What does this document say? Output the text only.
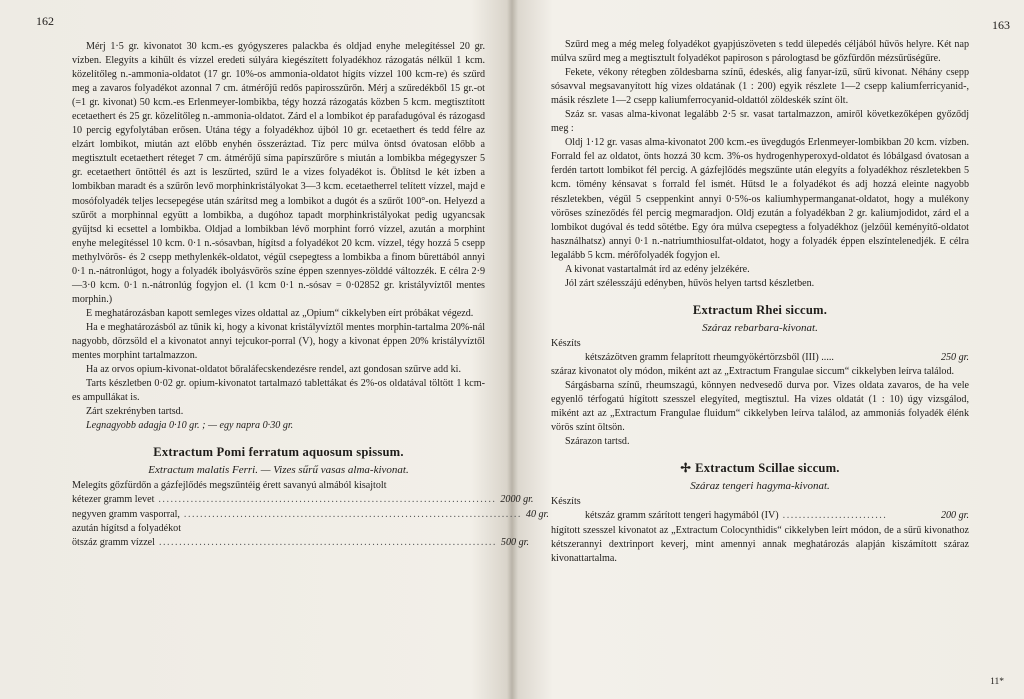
162

Mérj 1·5 gr. kivonatot 30 kcm.-es gyógyszeres palackba és oldjad enyhe melegítéssel 20 gr. vízben. Elegyíts a kihűlt és vízzel eredeti súlyára kiegészített folyadékhoz rázogatás nélkül 1 kcm. közelítőleg n.-ammonia-oldatot (17 gr. 10%-os ammonia-oldatot hígíts vízzel 100 kcm-re) és szűrd meg a zavaros folyadékot azonnal 7 cm. átmérőjű redős papirosszűrőn. Mérj a szűredékből 15 gr.-ot (=1 gr. kivonat) 50 kcm.-es Erlenmeyer-lombikba, tégy hozzá rázogatás közben 5 kcm. megtisztított ecetaethert és 25 gr. közelítőleg n.-ammonia-oldatot. Zárd el a lombikot ép parafadugóval és rázogasd 10 percig egyfolytában erősen. Utána tégy a folyadékhoz újból 10 gr. ecetaethert és tedd félre az elzárt lombikot, miután azt előbb enyhén összeráztad. Tíz perc múlva öntsd óvatosan előbb a megtisztult ecetaethert réteget 7 cm. átmérőjű síma papírszűrőre s miután a lombikba mégegyszer 5 gr. ecetaethert öntöttél és azt is leszűrted, szűrd le a vizes folyadékot is. Öblítsd le két ízben a lombikban maradt és a szűrőn levő morphinkristályokat 3—3 kcm. ecetaetherrel telített vízzel, majd e mosófolyadék teljes lecsepegése után szárítsd meg a lombikot a dugót és a szűrőt 100°-on. Helyezd a szűrőt a morphinnal együtt a lombikba, a dugóhoz tapadt morphinkristályokat pedig ugyancsak gyűjtsd ki ecsettel a lombikba. Oldjad a lombikban lévő morphint forró vízzel, azután a morphint enyhe melegítéssel 10 kcm. 0·1 n.-sósavban, hígítsd a folyadékot 20 kcm. vízzel, tégy hozzá 5 csepp methylvörös- és 2 csepp methylenkék-oldatot, végül csepegtess a lombikba a finom bürettából annyi 0·1 n.-nátronlúgot, hogy a folyadék ibolyásvörös színe éppen szennyes-zölddé változzék. E célra 2·9—3·0 kcm. 0·1 n.-nátronlúg fogyjon el. (1 kcm 0·1 n.-sósav = 0·02852 gr. kristályvíztől mentes morphin.)

E meghatározásban kapott semleges vizes oldattal az „Opium“ cikkelyben eírt próbákat végezd.

Ha e meghatározásból az tűnik ki, hogy a kivonat kristályvíztől mentes morphin-tartalma 20%-nál nagyobb, dörzsöld el a kivonatot annyi tejcukor-porral (V), hogy a kivonat éppen 20% kristályvíztől mentes morphint tartalmazzon.

Ha az orvos opium-kivonat-oldatot bőraláfecskendezésre rendel, azt gondosan szűrve add ki.

Tarts készletben 0·02 gr. opium-kivonatot tartalmazó tablettákat és 2%-os oldatával töltött 1 kcm-es ampullákat is.

Zárt szekrényben tartsd.

Legnagyobb adagja 0·10 gr. ; — egy napra 0·30 gr.

Extractum Pomi ferratum aquosum spissum.

Extractum malatis Ferri. — Vizes sűrű vasas alma-kivonat.

Melegíts gőzfürdőn a gázfejlődés megszűntéig érett savanyú almából kisajtolt

kétezer gramm levet .................................................................................... 2000 gr.
negyven gramm vasporral, .................................................................................... 40 gr.

azután hígítsd a folyadékot

ötszáz gramm vízzel .................................................................................... 500 gr.
163

Szűrd meg a még meleg folyadékot gyapjúszöveten s tedd ülepedés céljából hűvös helyre. Két nap múlva szűrd meg a megtisztult folyadékot papiroson s párologtasd be gőzfürdőn mézsűrűségűre.

Fekete, vékony rétegben zöldesbarna színű, édeskés, alig fanyar-ízű, sűrű kivonat. Néhány csepp sósavval megsavanyított híg vizes oldatának (1 : 200) egyik részlete 1—2 csepp kaliumferricyanid-, másik részlete 1—2 csepp kaliumferrocyanid-oldattól zöldeskék színt ölt.

Száz sr. vasas alma-kivonat legalább 2·5 sr. vasat tartalmazzon, amiről következőképen győződj meg :

Oldj 1·12 gr. vasas alma-kivonatot 200 kcm.-es üvegdugós Erlenmeyer-lombikban 20 kcm. vízben. Forrald fel az oldatot, önts hozzá 30 kcm. 3%-os hydrogenhyperoxyd-oldatot és lóbálgasd óvatosan a ferdén tartott lombikot fél percig. A gázfejlődés megszűnte után elegyíts a folyadékhoz részletekben 5 kcm. tömény kénsavat s forrald fel ismét. Hűtsd le a folyadékot és adj hozzá eleinte nagyobb részletekben, végül 5 cseppenkint annyi 0·5%-os kaliumhypermanganat-oldatot, hogy a mulékony vöröses színeződés fél percig megmaradjon. Oldj ezután a folyadékban 2 gr. kaliumjodidot, zárd el a lombikot dugóval és tedd sötétbe. Egy óra múlva csepegtess a folyadékhoz (jelzőül keményítő-oldatot használhatsz) annyi 0·1 n.-natriumthiosulfat-oldatot, hogy a folyadék éppen elszíntelenedjék. E célra legalább 5 kcm. mérőfolyadék fogyjon el.

A kivonat vastartalmát írd az edény jelzékére.

Jól zárt szélesszájú edényben, hűvös helyen tartsd készletben.

Extractum Rhei siccum.

Száraz rebarbara-kivonat.

Készíts

kétszázötven gramm felaprított rheumgyökértörzsből (III) .....	250 gr.

száraz kivonatot oly módon, miként azt az „Extractum Frangulae siccum“ cikkelyben leírva találod.

Sárgásbarna színű, rheumszagú, könnyen nedvesedő durva por. Vizes oldata zavaros, de ha vele egyenlő térfogatú hígított szesszel elegyíted, megtisztul. Ha vizes oldatát (1 : 10) úgy vizsgálod, miként azt az „Extractum Frangulae fluidum“ cikkelyben leírva találod, az ammoniás folyadék élénk vörös színt öltsön.

Szárazon tartsd.

✢ Extractum Scillae siccum.

Száraz tengeri hagyma-kivonat.

Készíts

kétszáz gramm szárított tengeri hagymából (IV) ..........................	200 gr.

hígított szesszel kivonatot az „Extractum Colocynthidis“ cikkelyben leírt módon, de a sűrű kivonathoz kétszerannyi dextrinport keverj, mint amennyi annak meghatározás alapján kiszámított száraz kivonattartalma.

11*
